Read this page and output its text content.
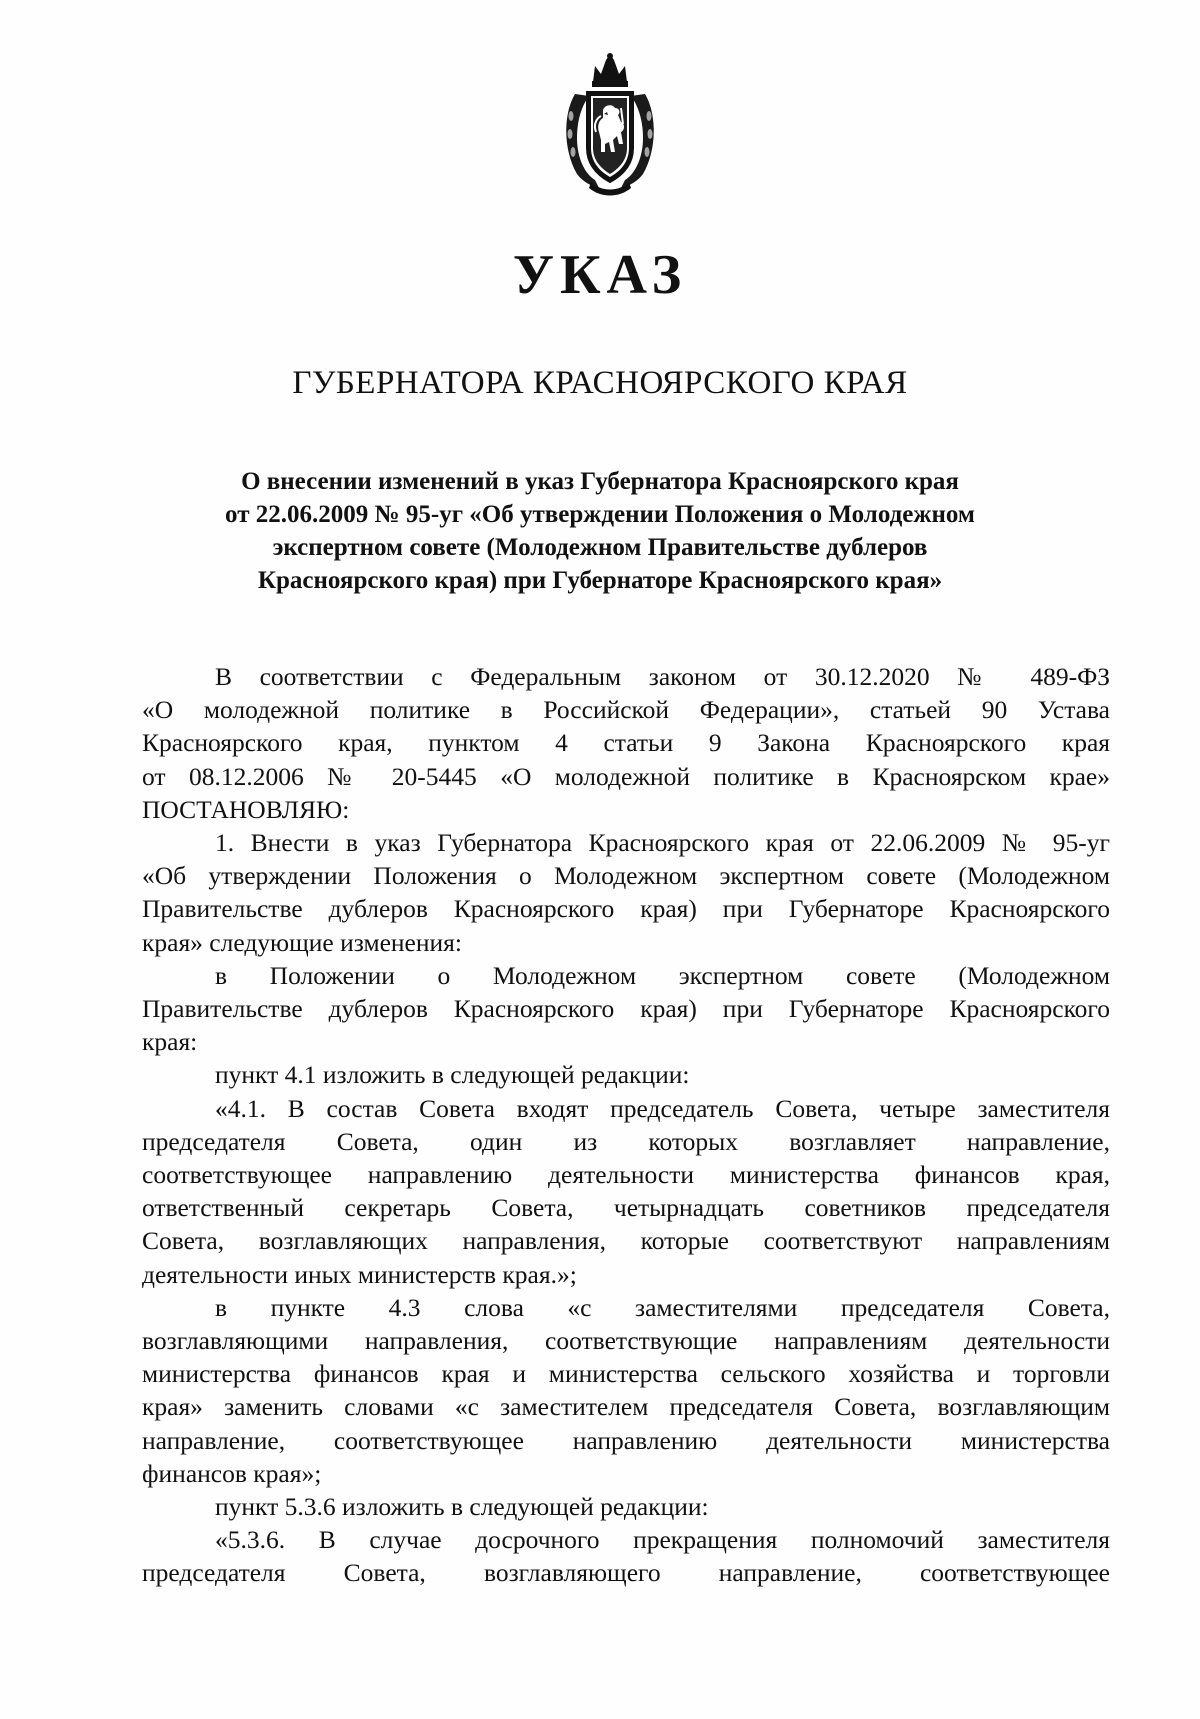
УКАЗ
ГУБЕРНАТОРА КРАСНОЯРСКОГО КРАЯ
О внесении изменений в указ Губернатора Красноярского края
от 22.06.2009 № 95-уг «Об утверждении Положения о Молодежном
экспертном совете (Молодежном Правительстве дублеров
Красноярского края) при Губернаторе Красноярского края»
В соответствии с Федеральным законом от 30.12.2020 № 489-ФЗ
«О молодежной политике в Российской Федерации», статьей 90 Устава
Красноярского края, пунктом 4 статьи 9 Закона Красноярского края
от 08.12.2006 № 20-5445 «О молодежной политике в Красноярском крае»
ПОСТАНОВЛЯЮ:
1. Внести в указ Губернатора Красноярского края от 22.06.2009 № 95-уг
«Об утверждении Положения о Молодежном экспертном совете (Молодежном
Правительстве дублеров Красноярского края) при Губернаторе Красноярского
края» следующие изменения:
в Положении о Молодежном экспертном совете (Молодежном
Правительстве дублеров Красноярского края) при Губернаторе Красноярского
края:
пункт 4.1 изложить в следующей редакции:
«4.1. В состав Совета входят председатель Совета, четыре заместителя
председателя Совета, один из которых возглавляет направление,
соответствующее направлению деятельности министерства финансов края,
ответственный секретарь Совета, четырнадцать советников председателя
Совета, возглавляющих направления, которые соответствуют направлениям
деятельности иных министерств края.»;
в пункте 4.3 слова «с заместителями председателя Совета,
возглавляющими направления, соответствующие направлениям деятельности
министерства финансов края и министерства сельского хозяйства и торговли
края» заменить словами «с заместителем председателя Совета, возглавляющим
направление, соответствующее направлению деятельности министерства
финансов края»;
пункт 5.3.6 изложить в следующей редакции:
«5.3.6. В случае досрочного прекращения полномочий заместителя
председателя Совета, возглавляющего направление, соответствующее
